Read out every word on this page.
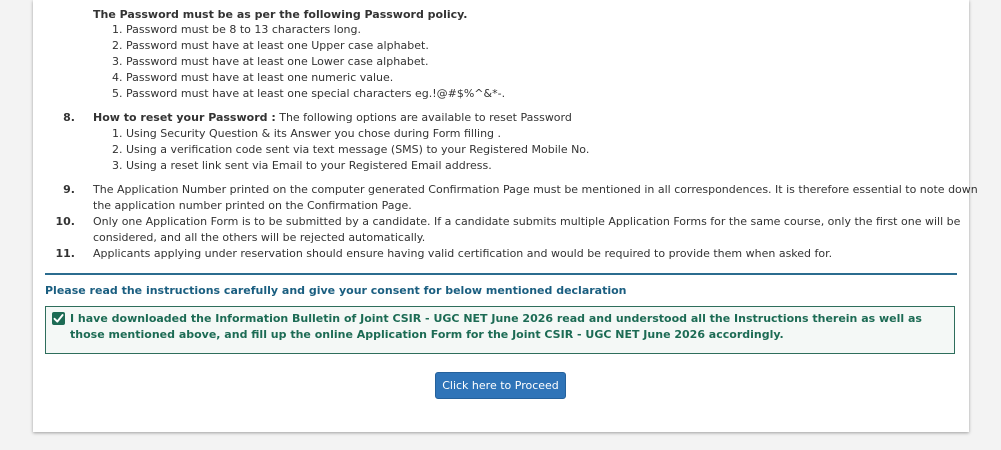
The Password must be as per the following Password policy.
1. Password must be 8 to 13 characters long.
2. Password must have at least one Upper case alphabet.
3. Password must have at least one Lower case alphabet.
4. Password must have at least one numeric value.
5. Password must have at least one special characters eg.!@#$%^&*-.
8. How to reset your Password : The following options are available to reset Password
1. Using Security Question & its Answer you chose during Form filling .
2. Using a verification code sent via text message (SMS) to your Registered Mobile No.
3. Using a reset link sent via Email to your Registered Email address.
9. The Application Number printed on the computer generated Confirmation Page must be mentioned in all correspondences. It is therefore essential to note down
the application number printed on the Confirmation Page.
10. Only one Application Form is to be submitted by a candidate. If a candidate submits multiple Application Forms for the same course, only the first one will be
considered, and all the others will be rejected automatically.
11. Applicants applying under reservation should ensure having valid certification and would be required to provide them when asked for.
Please read the instructions carefully and give your consent for below mentioned declaration
I have downloaded the Information Bulletin of Joint CSIR - UGC NET June 2026 read and understood all the Instructions therein as well as those mentioned above, and fill up the online Application Form for the Joint CSIR - UGC NET June 2026 accordingly.
Click here to Proceed
